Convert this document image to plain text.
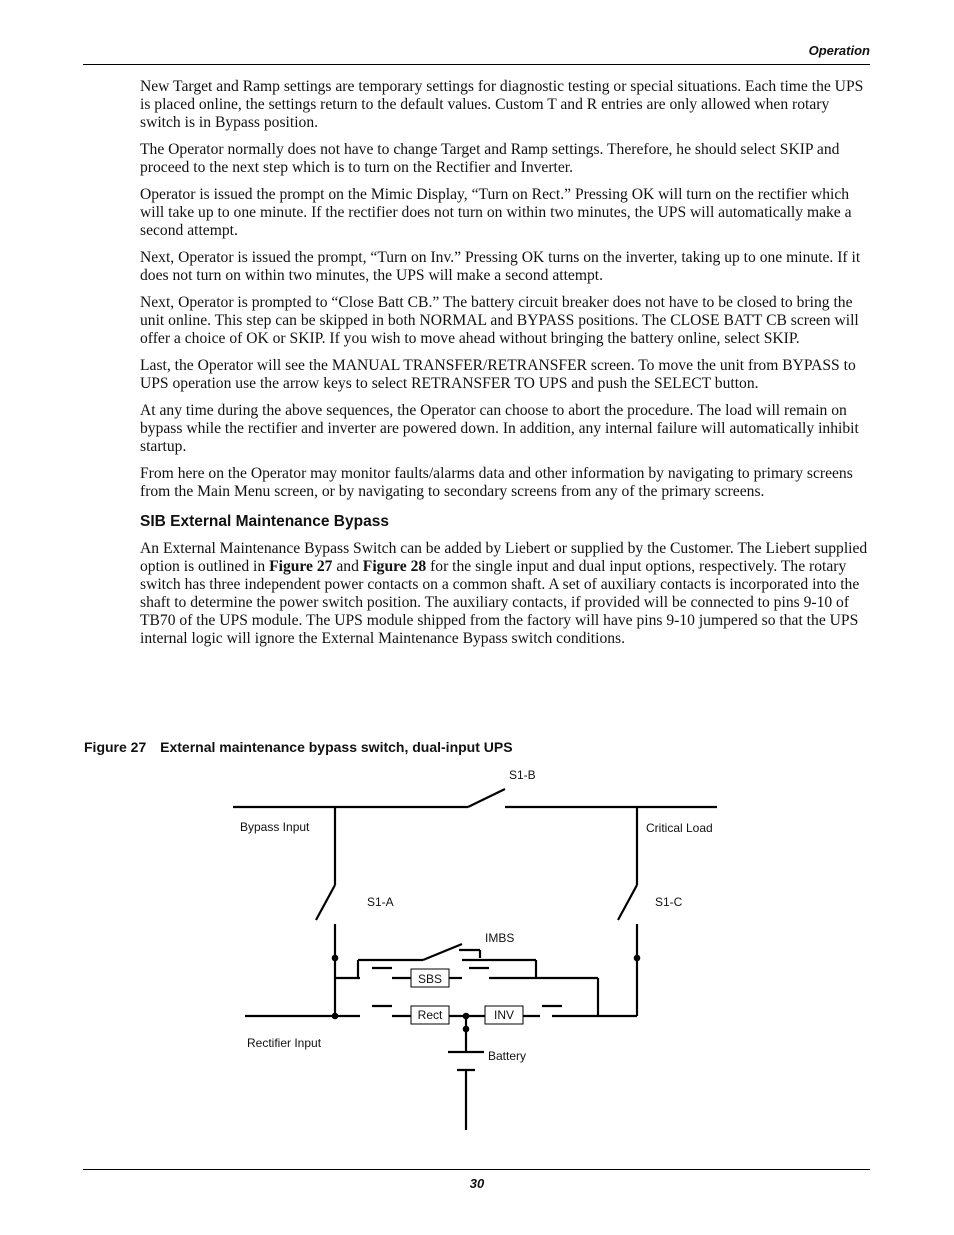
Operation

New Target and Ramp settings are temporary settings for diagnostic testing or special situations. Each time the UPS is placed online, the settings return to the default values. Custom T and R entries are only allowed when rotary switch is in Bypass position.

The Operator normally does not have to change Target and Ramp settings. Therefore, he should select SKIP and proceed to the next step which is to turn on the Rectifier and Inverter.

Operator is issued the prompt on the Mimic Display, “Turn on Rect.” Pressing OK will turn on the rectifier which will take up to one minute. If the rectifier does not turn on within two minutes, the UPS will automatically make a second attempt.

Next, Operator is issued the prompt, “Turn on Inv.” Pressing OK turns on the inverter, taking up to one minute. If it does not turn on within two minutes, the UPS will make a second attempt.

Next, Operator is prompted to “Close Batt CB.” The battery circuit breaker does not have to be closed to bring the unit online. This step can be skipped in both NORMAL and BYPASS positions. The CLOSE BATT CB screen will offer a choice of OK or SKIP. If you wish to move ahead without bringing the battery online, select SKIP.

Last, the Operator will see the MANUAL TRANSFER/RETRANSFER screen. To move the unit from BYPASS to UPS operation use the arrow keys to select RETRANSFER TO UPS and push the SELECT button.

At any time during the above sequences, the Operator can choose to abort the procedure. The load will remain on bypass while the rectifier and inverter are powered down. In addition, any internal failure will automatically inhibit startup.

From here on the Operator may monitor faults/alarms data and other information by navigating to primary screens from the Main Menu screen, or by navigating to secondary screens from any of the primary screens.

SIB External Maintenance Bypass

An External Maintenance Bypass Switch can be added by Liebert or supplied by the Customer. The Liebert supplied option is outlined in Figure 27 and Figure 28 for the single input and dual input options, respectively. The rotary switch has three independent power contacts on a common shaft. A set of auxiliary contacts is incorporated into the shaft to determine the power switch position. The auxiliary contacts, if provided will be connected to pins 9-10 of TB70 of the UPS module. The UPS module shipped from the factory will have pins 9-10 jumpered so that the UPS internal logic will ignore the External Maintenance Bypass switch conditions.

Figure 27 External maintenance bypass switch, dual-input UPS
S1-B
Bypass Input	Critical Load
S1-A	S1-C
IMBS
SBS
Rect	INV
Rectifier Input
Battery
30
